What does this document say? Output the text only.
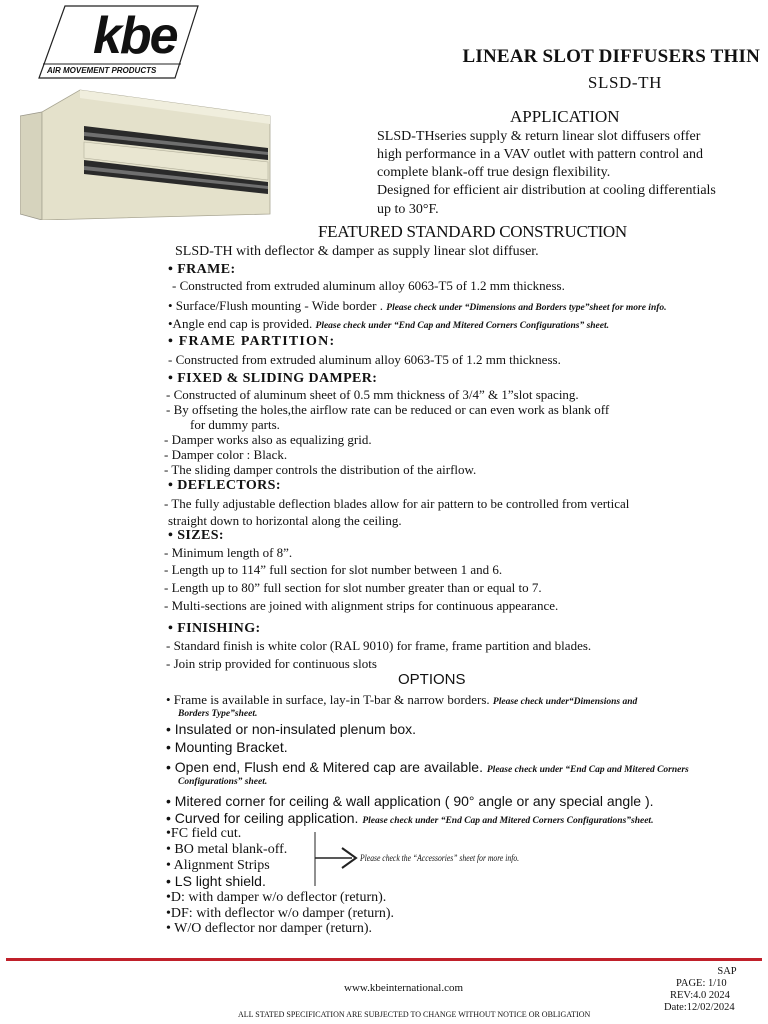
kbe
AIR MOVEMENT PRODUCTS
LINEAR SLOT DIFFUSERS THIN
SLSD-TH
APPLICATION
SLSD-THseries supply & return linear slot diffusers offer
high performance in a VAV outlet with pattern control and
complete blank-off true design flexibility.
Designed for efficient air distribution at cooling differentials
up to 30°F.
FEATURED STANDARD CONSTRUCTION
SLSD-TH with deflector & damper as supply linear slot diffuser.
• FRAME:
- Constructed from extruded aluminum alloy 6063-T5 of 1.2 mm thickness.
• Surface/Flush mounting - Wide border . Please check under “Dimensions and Borders type”sheet for more info.
•Angle end cap is provided. Please check under “End Cap and Mitered Corners Configurations” sheet.
• FRAME PARTITION:
- Constructed from extruded aluminum alloy 6063-T5 of 1.2 mm thickness.
• FIXED & SLIDING DAMPER:
- Constructed of aluminum sheet of 0.5 mm thickness of 3/4” & 1”slot spacing.
- By offseting the holes,the airflow rate can be reduced or can even work as blank off
for dummy parts.
- Damper works also as equalizing grid.
- Damper color : Black.
- The sliding damper controls the distribution of the airflow.
• DEFLECTORS:
- The fully adjustable deflection blades allow for air pattern to be controlled from vertical
straight down to horizontal along the ceiling.
• SIZES:
- Minimum length of 8”.
- Length up to 114” full section for slot number between 1 and 6.
- Length up to 80” full section for slot number greater than or equal to 7.
- Multi-sections are joined with alignment strips for continuous appearance.
• FINISHING:
- Standard finish is white color (RAL 9010) for frame, frame partition and blades.
- Join strip provided for continuous slots
OPTIONS
• Frame is available in surface, lay-in T-bar & narrow borders. Please check under“Dimensions and
Borders Type”sheet.
• Insulated or non-insulated plenum box.
• Mounting Bracket.
• Open end, Flush end & Mitered cap are available. Please check under “End Cap and Mitered Corners
Configurations” sheet.
• Mitered corner for ceiling & wall application ( 90° angle or any special angle ).
• Curved for ceiling application. Please check under “End Cap and Mitered Corners Configurations”sheet.
•FC field cut.
• BO metal blank-off.
• Alignment Strips
• LS light shield.
•D: with damper w/o deflector (return).
•DF: with deflector w/o damper (return).
• W/O deflector nor damper (return).
Please check the “Accessories” sheet for more info.
www.kbeinternational.com
ALL STATED SPECIFICATION ARE SUBJECTED TO CHANGE WITHOUT NOTICE OR OBLIGATION
SAP
PAGE: 1/10
REV:4.0 2024
Date:12/02/2024
